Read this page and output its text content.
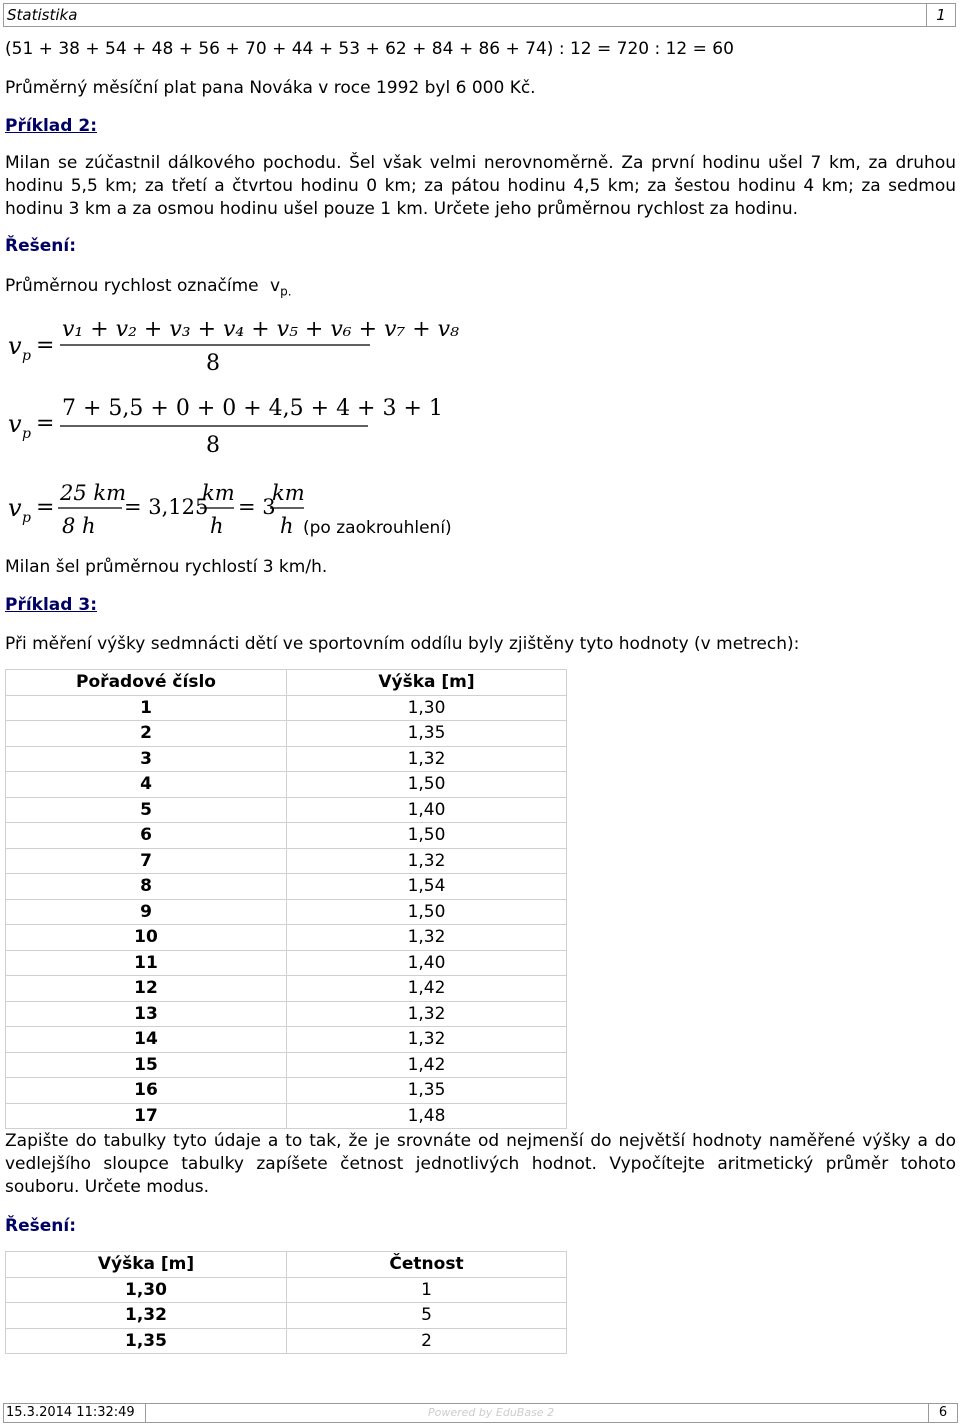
Statistika	1
(51 + 38 + 54 + 48 + 56 + 70 + 44 + 53 + 62 + 84 + 86 + 74) : 12 = 720 : 12 = 60
Průměrný měsíční plat pana Nováka v roce 1992 byl 6 000 Kč.
Příklad 2:
Milan se zúčastnil dálkového pochodu. Šel však velmi nerovnoměrně. Za první hodinu ušel 7 km, za druhou hodinu 5,5 km; za třetí a čtvrtou hodinu 0 km; za pátou hodinu 4,5 km; za šestou hodinu 4 km; za sedmou hodinu 3 km a za osmou hodinu ušel pouze 1 km. Určete jeho průměrnou rychlost za hodinu.
Řešení:
Průměrnou rychlost označíme $v_{p.}$
v p =
v₁ + v₂ + v₃ + v₄ + v₅ + v₆ + v₇ + v₈
8
v p =
7 + 5,5 + 0 + 0 + 4,5 + 4 + 3 + 1
8
v p =
25 km
8 h
= 3,125
km
h
= 3
km
h (po zaokrouhlení)
Milan šel průměrnou rychlostí 3 km/h.
Příklad 3:
Při měření výšky sedmnácti dětí ve sportovním oddílu byly zjištěny tyto hodnoty (v metrech):
Pořadové číslo	Výška [m]
1	1,30
2	1,35
3	1,32
4	1,50
5	1,40
6	1,50
7	1,32
8	1,54
9	1,50
10	1,32
11	1,40
12	1,42
13	1,32
14	1,32
15	1,42
16	1,35
17	1,48
Zapište do tabulky tyto údaje a to tak, že je srovnáte od nejmenší do největší hodnoty naměřené výšky a do vedlejšího sloupce tabulky zapíšete četnost jednotlivých hodnot. Vypočítejte aritmetický průměr tohoto souboru. Určete modus.
Řešení:
Výška [m]	Četnost
1,30	1
1,32	5
1,35	2
15.3.2014 11:32:49	Powered by EduBase 2	6
